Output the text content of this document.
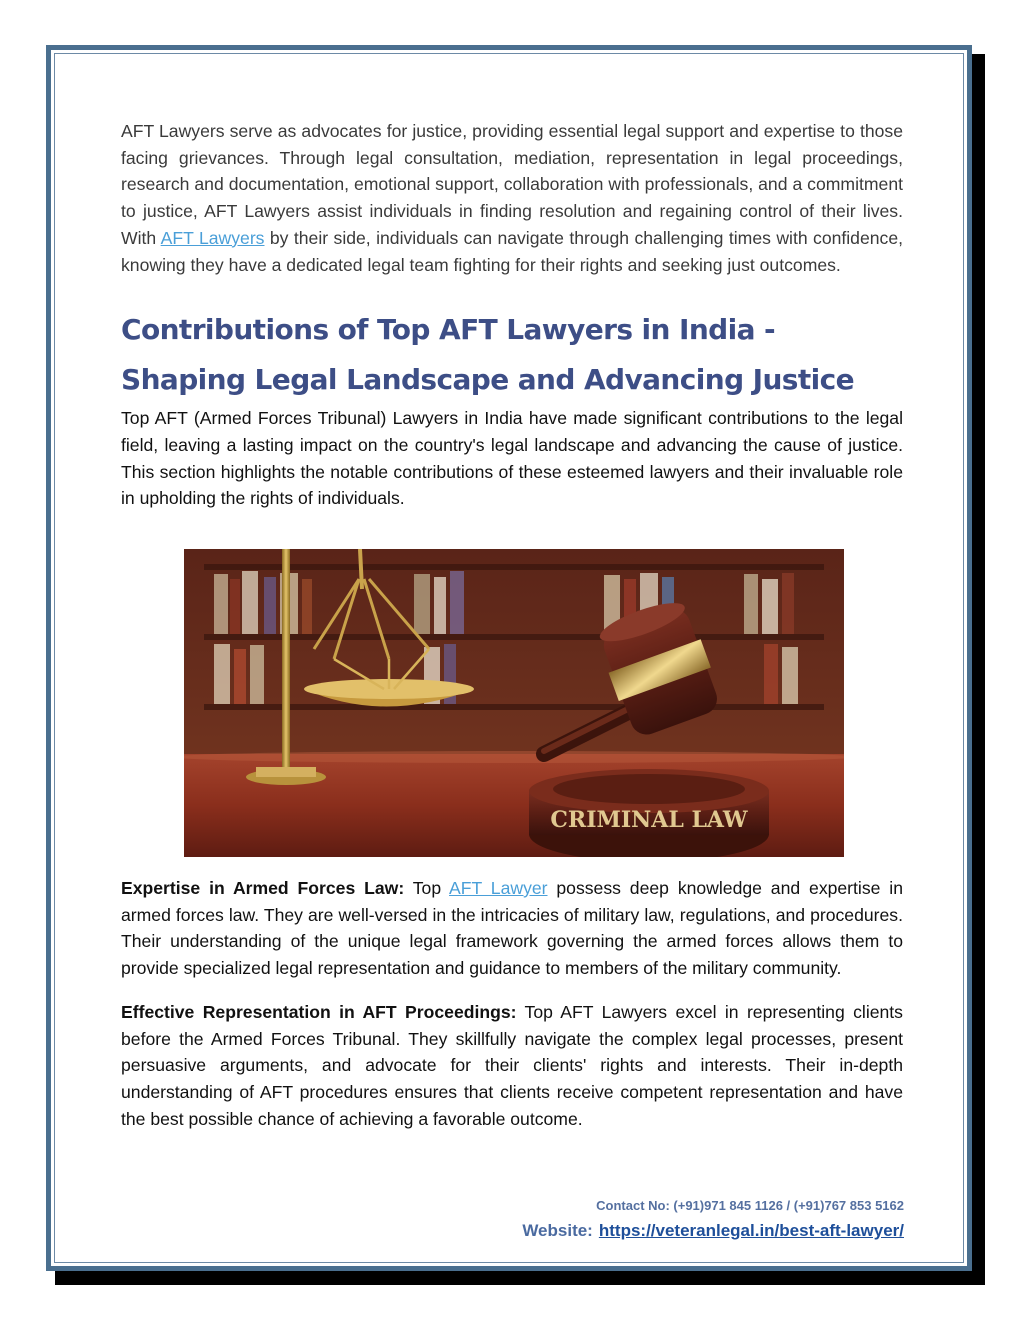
AFT Lawyers serve as advocates for justice, providing essential legal support and expertise to those facing grievances. Through legal consultation, mediation, representation in legal proceedings, research and documentation, emotional support, collaboration with professionals, and a commitment to justice, AFT Lawyers assist individuals in finding resolution and regaining control of their lives. With AFT Lawyers by their side, individuals can navigate through challenging times with confidence, knowing they have a dedicated legal team fighting for their rights and seeking just outcomes.

Contributions of Top AFT Lawyers in India -
Shaping Legal Landscape and Advancing Justice

Top AFT (Armed Forces Tribunal) Lawyers in India have made significant contributions to the legal field, leaving a lasting impact on the country's legal landscape and advancing the cause of justice. This section highlights the notable contributions of these esteemed lawyers and their invaluable role in upholding the rights of individuals.

CRIMINAL LAW

Expertise in Armed Forces Law: Top AFT Lawyer possess deep knowledge and expertise in armed forces law. They are well-versed in the intricacies of military law, regulations, and procedures. Their understanding of the unique legal framework governing the armed forces allows them to provide specialized legal representation and guidance to members of the military community.

Effective Representation in AFT Proceedings: Top AFT Lawyers excel in representing clients before the Armed Forces Tribunal. They skillfully navigate the complex legal processes, present persuasive arguments, and advocate for their clients' rights and interests. Their in-depth understanding of AFT procedures ensures that clients receive competent representation and have the best possible chance of achieving a favorable outcome.

Contact No: (+91)971 845 1126 / (+91)767 853 5162
Website: https://veteranlegal.in/best-aft-lawyer/
